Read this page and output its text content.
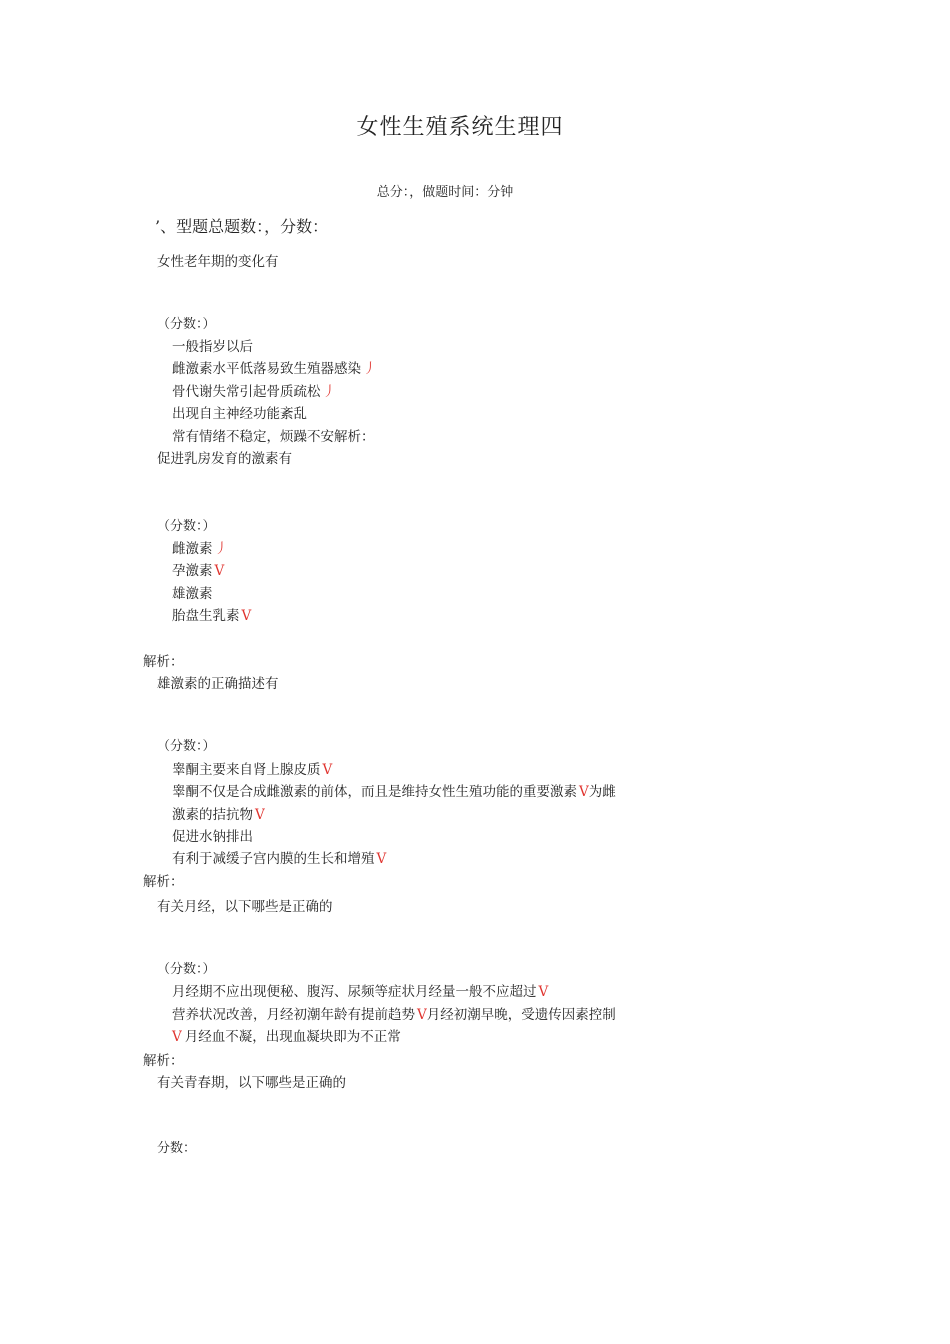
女性生殖系统生理四
总分：，做题时间：分钟
’、型题总题数：，分数：
女性老年期的变化有
（分数：）
一般指岁以后
雌激素水平低落易致生殖器感染 丿
骨代谢失常引起骨质疏松 丿
出现自主神经功能紊乱
常有情绪不稳定，烦躁不安解析：
促进乳房发育的激素有
（分数：）
雌激素 丿
孕激素 V
雄激素
胎盘生乳素 V
解析：
雄激素的正确描述有
（分数：）
睾酮主要来自肾上腺皮质 V
睾酮不仅是合成雌激素的前体，而且是维持女性生殖功能的重要激素 V为雌
激素的拮抗物 V
促进水钠排出
有利于减缓子宫内膜的生长和增殖 V
解析：
有关月经，以下哪些是正确的
（分数：）
月经期不应出现便秘、腹泻、尿频等症状月经量一般不应超过 V
营养状况改善，月经初潮年龄有提前趋势 V月经初潮早晚，受遗传因素控制
V 月经血不凝，出现血凝块即为不正常
解析：
有关青春期，以下哪些是正确的
分数：
